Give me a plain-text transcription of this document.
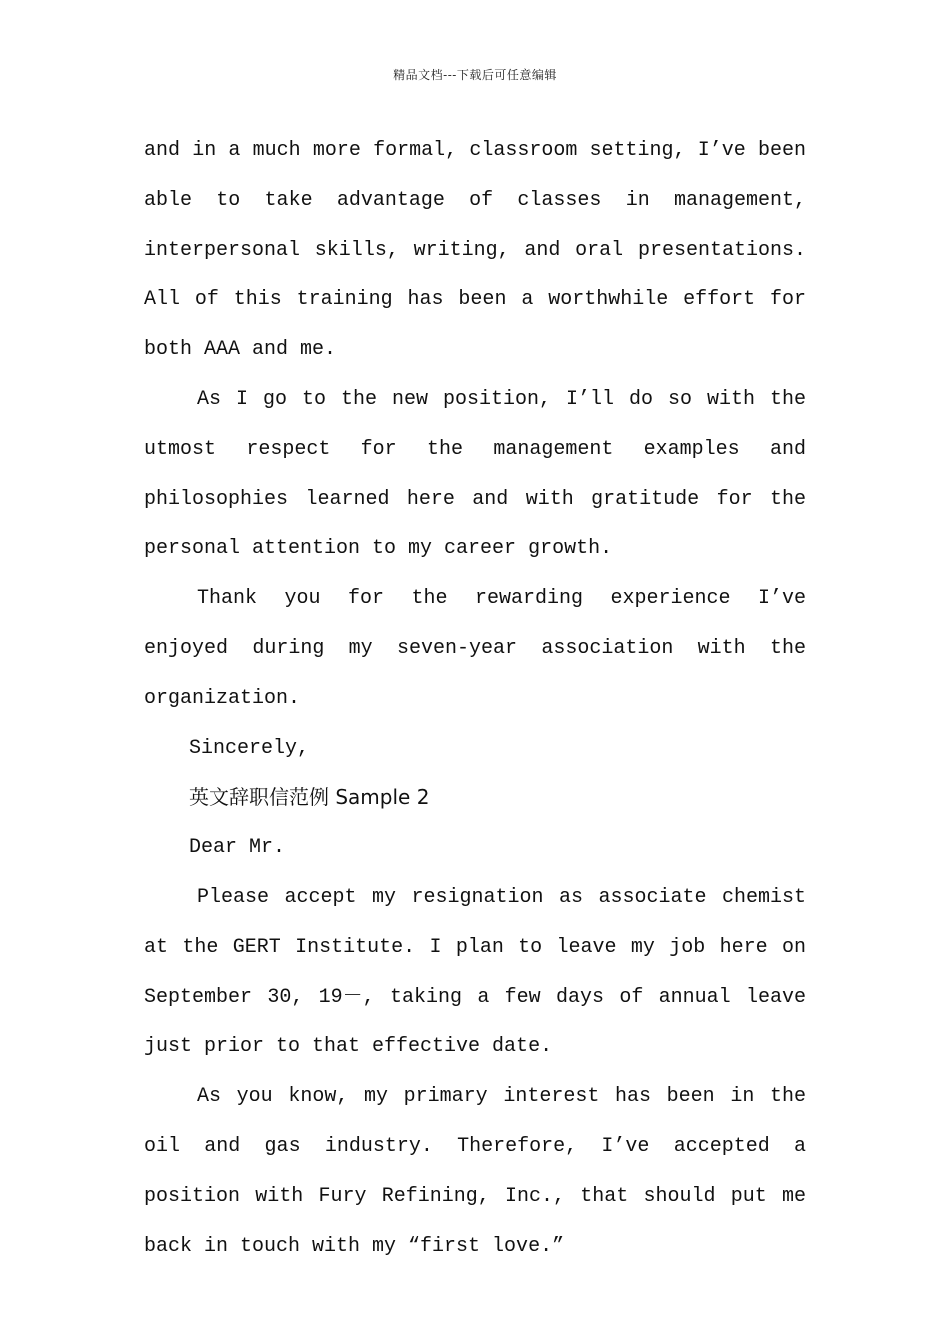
精品文档---下载后可任意编辑

and in a much more formal, classroom setting, I’ve been able to take advantage of classes in management, interpersonal skills, writing, and oral presentations. All of this training has been a worthwhile effort for both AAA and me.

As I go to the new position, I’ll do so with the utmost respect for the management examples and philosophies learned here and with gratitude for the personal attention to my career growth.

Thank you for the rewarding experience I’ve enjoyed during my seven-year association with the organization.

Sincerely,

英文辞职信范例 Sample 2

Dear Mr.

Please accept my resignation as associate chemist at the GERT Institute. I plan to leave my job here on September 30, 19－, taking a few days of annual leave just prior to that effective date.

As you know, my primary interest has been in the oil and gas industry. Therefore, I’ve accepted a position with Fury Refining, Inc., that should put me back in touch with my “first love.”
